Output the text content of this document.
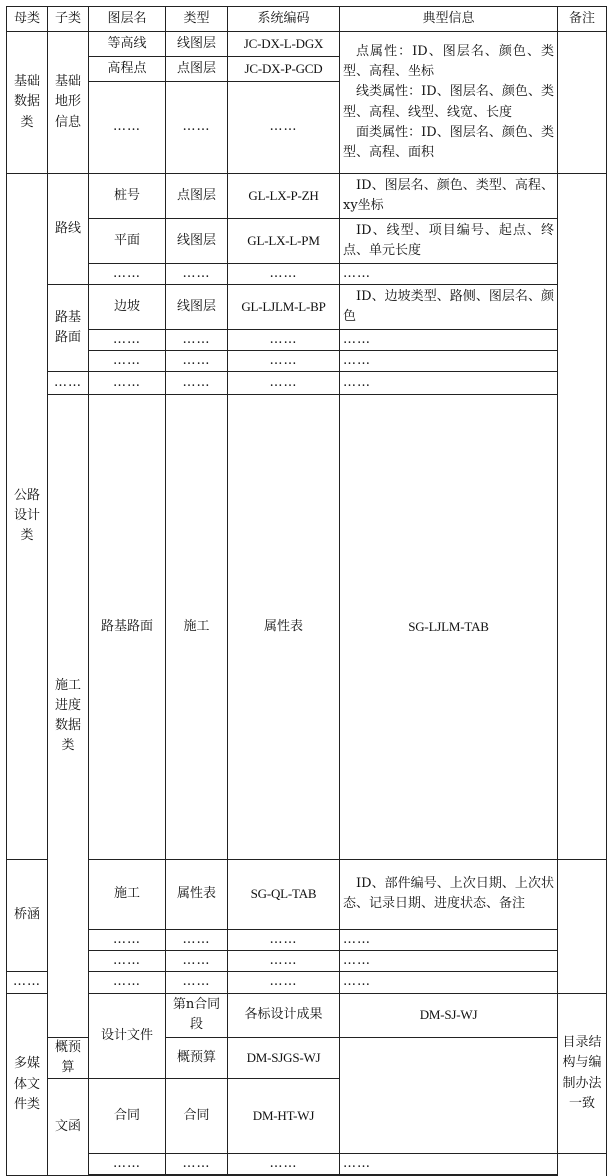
母类	子类	图层名	类型	系统编码	典型信息	备注	
基础数据类	基础地形信息	等高线	线图层	JC-DX-L-DGX	点属性：ID、图层名、颜色、类型、高程、坐标
线类属性：ID、图层名、颜色、类型、高程、线型、线宽、长度
面类属性：ID、图层名、颜色、类型、高程、面积		

		高程点	点图层	JC-DX-P-GCD			
		……	……	……			
公路设计类	路线	桩号	点图层	GL-LX-P-ZH	ID、图层名、颜色、类型、高程、xy坐标		
		平面	线图层	GL-LX-L-PM	ID、线型、项目编号、起点、终点、单元长度		
		……	……	……	……		
	路基路面	边坡	线图层	GL-LJLM-L-BP	ID、边坡类型、路侧、图层名、颜色		
		……	……	……	……		
		……	……	……	……		
	……	……	……	……	……		
	施工进度数据类	路基路面	施工	属性表	SG-LJLM-TAB		
桥涵		施工	属性表	SG-QL-TAB	ID、部件编号、上次日期、上次状态、记录日期、进度状态、备注		
		……	……	……	……		
		……	……	……	……		
……		……	……	……	……		
多媒体文件类		设计文件	第n合同段	各标设计成果	DM-SJ-WJ	目录结构与编制办法一致	
	概预算		概预算	DM-SJGS-WJ			
	文函	合同	合同	DM-HT-WJ			
		……	……	……	……		
